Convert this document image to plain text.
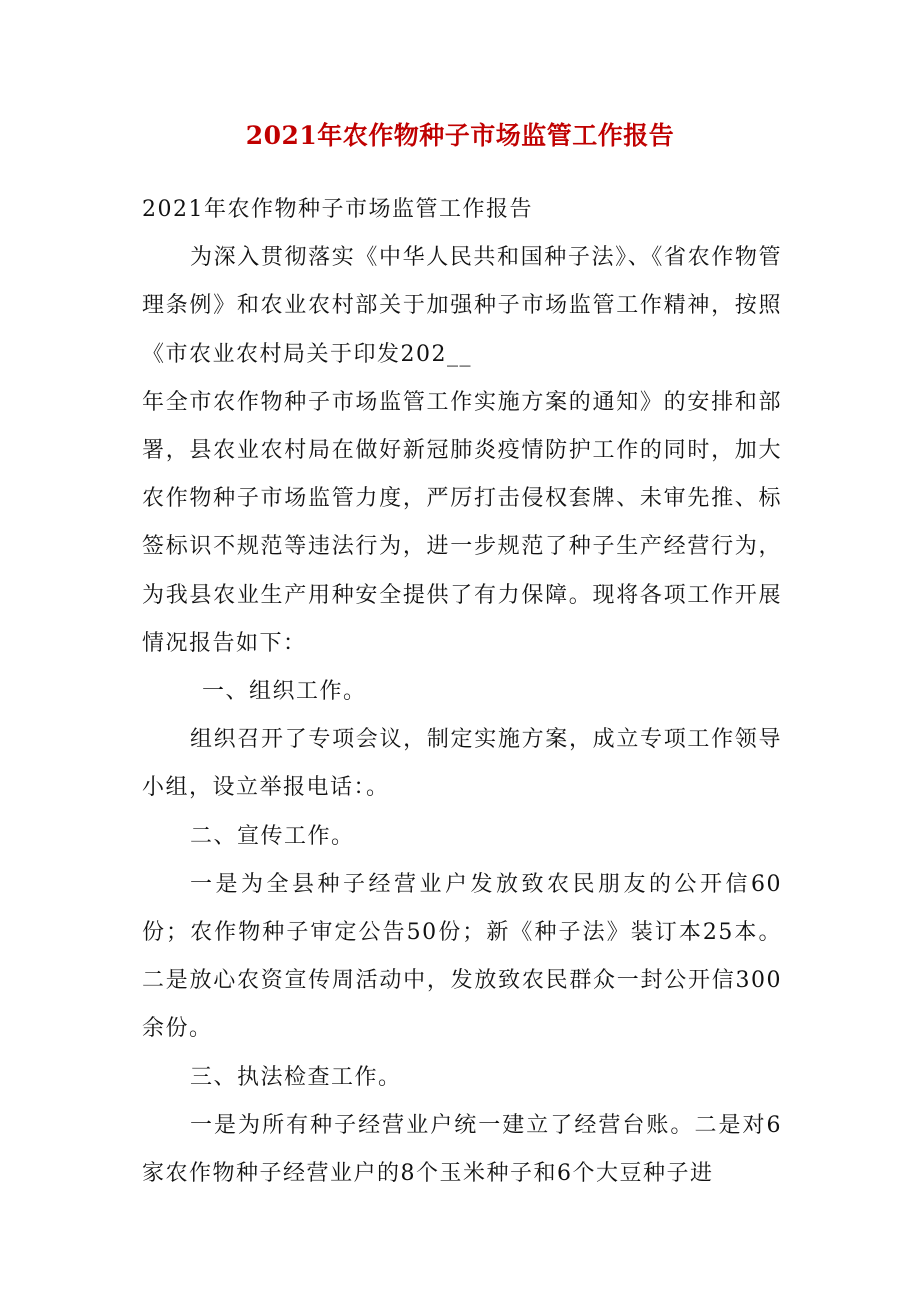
2021年农作物种子市场监管工作报告

2021年农作物种子市场监管工作报告

为深入贯彻落实《中华人民共和国种子法》、《省农作物管理条例》和农业农村部关于加强种子市场监管工作精神，按照《市农业农村局关于印发202__

年全市农作物种子市场监管工作实施方案的通知》的安排和部署，县农业农村局在做好新冠肺炎疫情防护工作的同时，加大农作物种子市场监管力度，严厉打击侵权套牌、未审先推、标签标识不规范等违法行为，进一步规范了种子生产经营行为，为我县农业生产用种安全提供了有力保障。现将各项工作开展情况报告如下：

一、组织工作。

组织召开了专项会议，制定实施方案，成立专项工作领导小组，设立举报电话：。

二、宣传工作。

一是为全县种子经营业户发放致农民朋友的公开信60份；农作物种子审定公告50份；新《种子法》装订本25本。二是放心农资宣传周活动中，发放致农民群众一封公开信300余份。

三、执法检查工作。

一是为所有种子经营业户统一建立了经营台账。二是对6家农作物种子经营业户的8个玉米种子和6个大豆种子进
